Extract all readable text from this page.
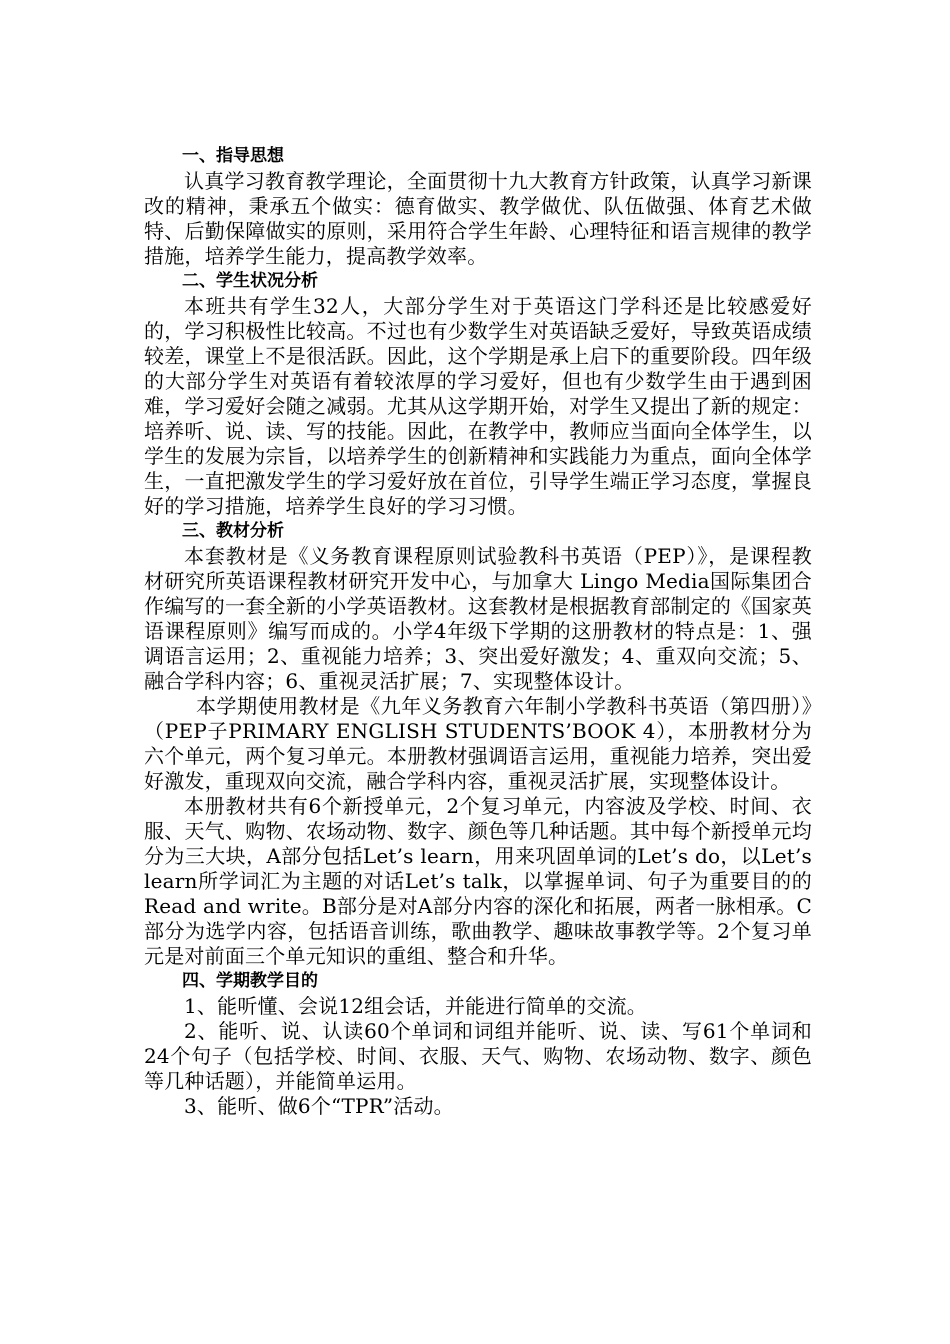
一、指导思想

认真学习教育教学理论，全面贯彻十九大教育方针政策，认真学习新课改的精神，秉承五个做实：德育做实、教学做优、队伍做强、体育艺术做特、后勤保障做实的原则，采用符合学生年龄、心理特征和语言规律的教学措施，培养学生能力，提高教学效率。

二、学生状况分析

本班共有学生32人，大部分学生对于英语这门学科还是比较感爱好的，学习积极性比较高。不过也有少数学生对英语缺乏爱好，导致英语成绩较差，课堂上不是很活跃。因此，这个学期是承上启下的重要阶段。四年级的大部分学生对英语有着较浓厚的学习爱好，但也有少数学生由于遇到困难，学习爱好会随之减弱。尤其从这学期开始，对学生又提出了新的规定：培养听、说、读、写的技能。因此，在教学中，教师应当面向全体学生，以学生的发展为宗旨，以培养学生的创新精神和实践能力为重点，面向全体学生，一直把激发学生的学习爱好放在首位，引导学生端正学习态度，掌握良好的学习措施，培养学生良好的学习习惯。

三、教材分析

本套教材是《义务教育课程原则试验教科书英语（PEP）》，是课程教材研究所英语课程教材研究开发中心，与加拿大 Lingo Media国际集团合作编写的一套全新的小学英语教材。这套教材是根据教育部制定的《国家英语课程原则》编写而成的。小学4年级下学期的这册教材的特点是：1、强调语言运用；2、重视能力培养；3、突出爱好激发；4、重双向交流；5、融合学科内容；6、重视灵活扩展；7、实现整体设计。

本学期使用教材是《九年义务教育六年制小学教科书英语（第四册）》（PEP子PRIMARY ENGLISH STUDENTS’BOOK 4），本册教材分为六个单元，两个复习单元。本册教材强调语言运用，重视能力培养，突出爱好激发，重现双向交流，融合学科内容，重视灵活扩展，实现整体设计。

本册教材共有6个新授单元，2个复习单元，内容波及学校、时间、衣服、天气、购物、农场动物、数字、颜色等几种话题。其中每个新授单元均分为三大块，A部分包括Let’s learn，用来巩固单词的Let’s do，以Let’s learn所学词汇为主题的对话Let’s talk，以掌握单词、句子为重要目的的Read and write。B部分是对A部分内容的深化和拓展，两者一脉相承。C部分为选学内容，包括语音训练，歌曲教学、趣味故事教学等。2个复习单元是对前面三个单元知识的重组、整合和升华。

四、学期教学目的

1、能听懂、会说12组会话，并能进行简单的交流。

2、能听、说、认读60个单词和词组并能听、说、读、写61个单词和24个句子（包括学校、时间、衣服、天气、购物、农场动物、数字、颜色等几种话题），并能简单运用。

3、能听、做6个“TPR”活动。
